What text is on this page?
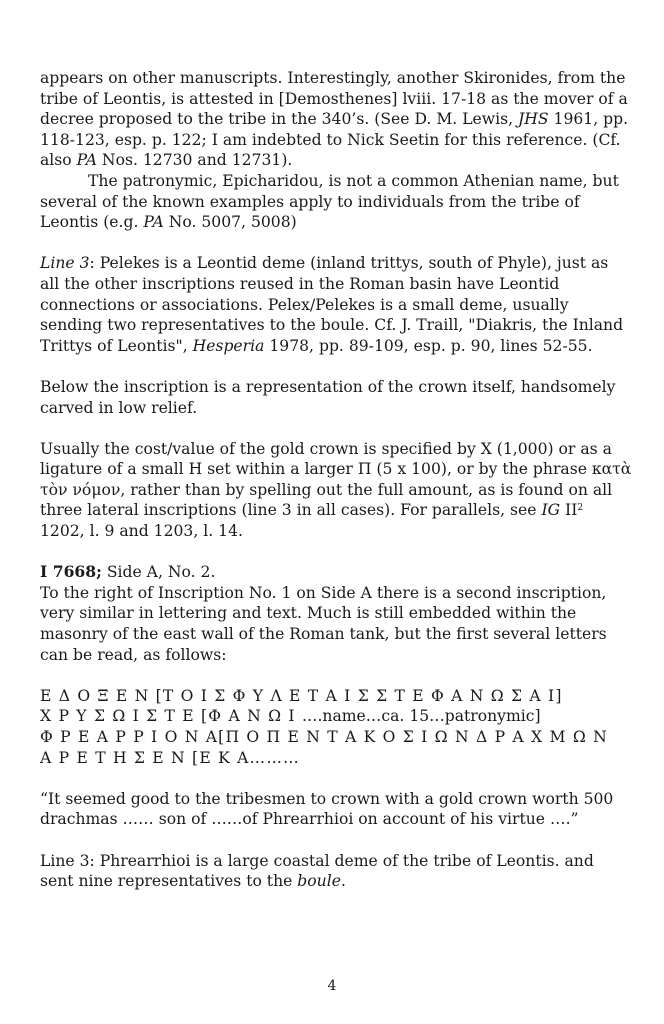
appears on other manuscripts. Interestingly, another Skironides, from the tribe of Leontis, is attested in [Demosthenes] lviii. 17-18 as the mover of a decree proposed to the tribe in the 340’s. (See D. M. Lewis, JHS 1961, pp. 118-123, esp. p. 122; I am indebted to Nick Seetin for this reference. (Cf. also PA Nos. 12730 and 12731).

The patronymic, Epicharidou, is not a common Athenian name, but several of the known examples apply to individuals from the tribe of Leontis (e.g. PA No. 5007, 5008)

Line 3: Pelekes is a Leontid deme (inland trittys, south of Phyle), just as all the other inscriptions reused in the Roman basin have Leontid connections or associations. Pelex/Pelekes is a small deme, usually sending two representatives to the boule. Cf. J. Traill, "Diakris, the Inland Trittys of Leontis", Hesperia 1978, pp. 89-109, esp. p. 90, lines 52-55.

Below the inscription is a representation of the crown itself, handsomely carved in low relief.

Usually the cost/value of the gold crown is specified by X (1,000) or as a ligature of a small H set within a larger Π (5 x 100), or by the phrase κατὰ τὸν νόμον, rather than by spelling out the full amount, as is found on all three lateral inscriptions (line 3 in all cases). For parallels, see IG $II^2$ 1202, l. 9 and 1203, l. 14.

I 7668; Side A, No. 2.

To the right of Inscription No. 1 on Side A there is a second inscription, very similar in lettering and text. Much is still embedded within the masonry of the east wall of the Roman tank, but the first several letters can be read, as follows:

Ε Δ Ο Ξ Ε Ν [Τ Ο Ι Σ Φ Υ Λ Ε Τ Α Ι Σ Σ Τ Ε Φ Α Ν Ω Σ Α Ι]

Χ Ρ Υ Σ Ω Ι Σ Τ Ε [Φ Α Ν Ω Ι ….name…ca. 15…patronymic]

Φ Ρ Ε Α Ρ Ρ Ι Ο Ν Α[Π Ο Π Ε Ν Τ Α Κ Ο Σ Ι Ω Ν Δ Ρ Α Χ Μ Ω Ν

Α Ρ Ε Τ Η Σ Ε Ν [Ε Κ Α………

“It seemed good to the tribesmen to crown with a gold crown worth 500 drachmas …… son of ……of Phrearrhioi on account of his virtue ….”

Line 3: Phrearrhioi is a large coastal deme of the tribe of Leontis. and sent nine representatives to the boule.

4
